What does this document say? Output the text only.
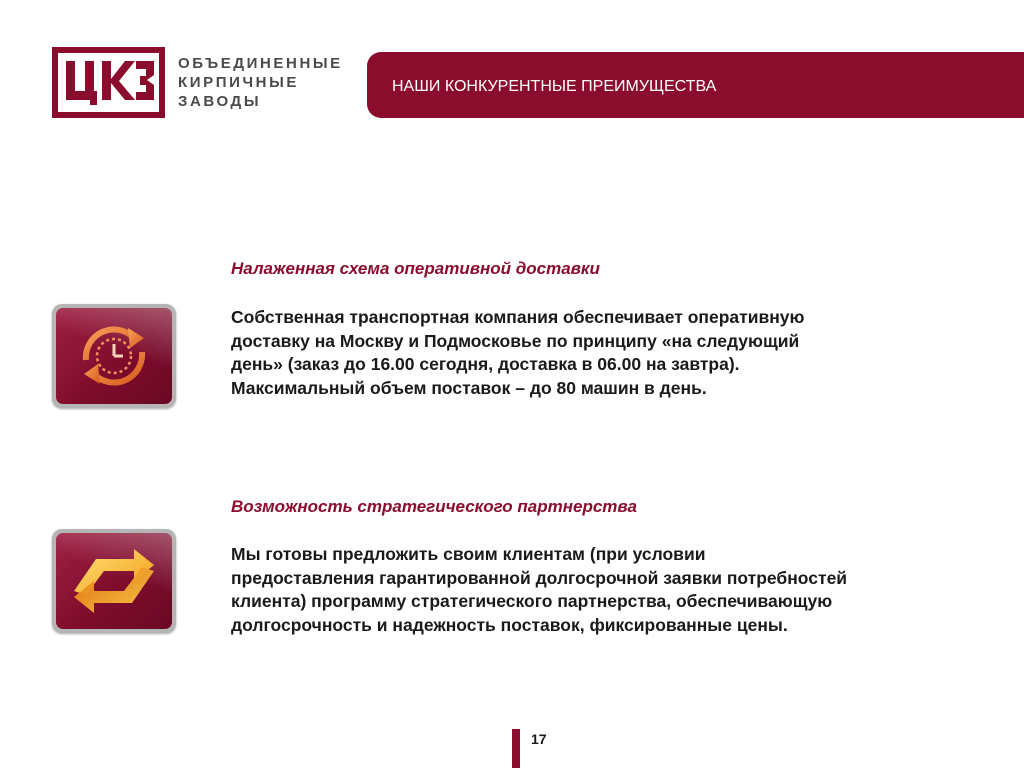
ОБЪЕДИНЕННЫЕ
КИРПИЧНЫЕ
ЗАВОДЫ
НАШИ КОНКУРЕНТНЫЕ ПРЕИМУЩЕСТВА
Налаженная схема оперативной доставки
Собственная транспортная компания обеспечивает оперативную
доставку на Москву и Подмосковье по принципу «на следующий
день» (заказ до 16.00 сегодня, доставка в 06.00 на завтра).
Максимальный объем поставок – до 80 машин в день.
Возможность стратегического партнерства
Мы готовы предложить своим клиентам (при условии
предоставления гарантированной долгосрочной заявки потребностей
клиента) программу стратегического партнерства, обеспечивающую
долгосрочность и надежность поставок, фиксированные цены.
17
